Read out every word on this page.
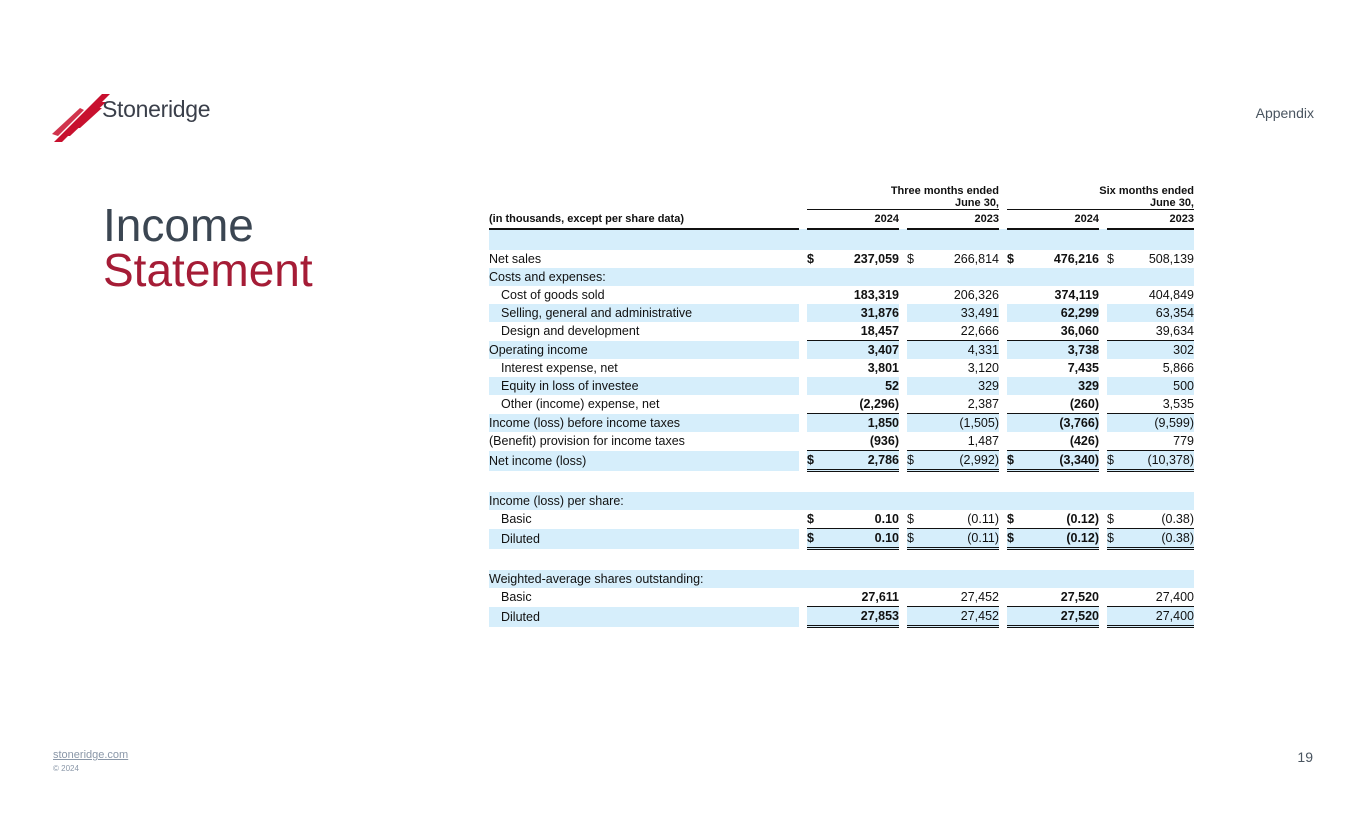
Stoneridge	Appendix
Income
Statement
		Three months ended
June 30,						Six months ended
June 30,				
(in thousands, except per share data)		2024			2023			2024			2023	

Net sales		$	237,059		$	266,814		$	476,216		$	508,139
Costs and expenses:												
Cost of goods sold			183,319			206,326			374,119			404,849
Selling, general and administrative			31,876			33,491			62,299			63,354
Design and development			18,457			22,666			36,060			39,634
Operating income			3,407			4,331			3,738			302
Interest expense, net			3,801			3,120			7,435			5,866
Equity in loss of investee			52			329			329			500
Other (income) expense, net			(2,296)			2,387			(260)			3,535
Income (loss) before income taxes			1,850			(1,505)			(3,766)			(9,599)
(Benefit) provision for income taxes			(936)			1,487			(426)			779
Net income (loss)		$	2,786		$	(2,992)		$	(3,340)		$	(10,378)

Income (loss) per share:												
Basic		$	0.10		$	(0.11)		$	(0.12)		$	(0.38)
Diluted		$	0.10		$	(0.11)		$	(0.12)		$	(0.38)

Weighted-average shares outstanding:												
Basic			27,611			27,452			27,520			27,400
Diluted			27,853			27,452			27,520			27,400
stoneridge.com
© 2024
19
